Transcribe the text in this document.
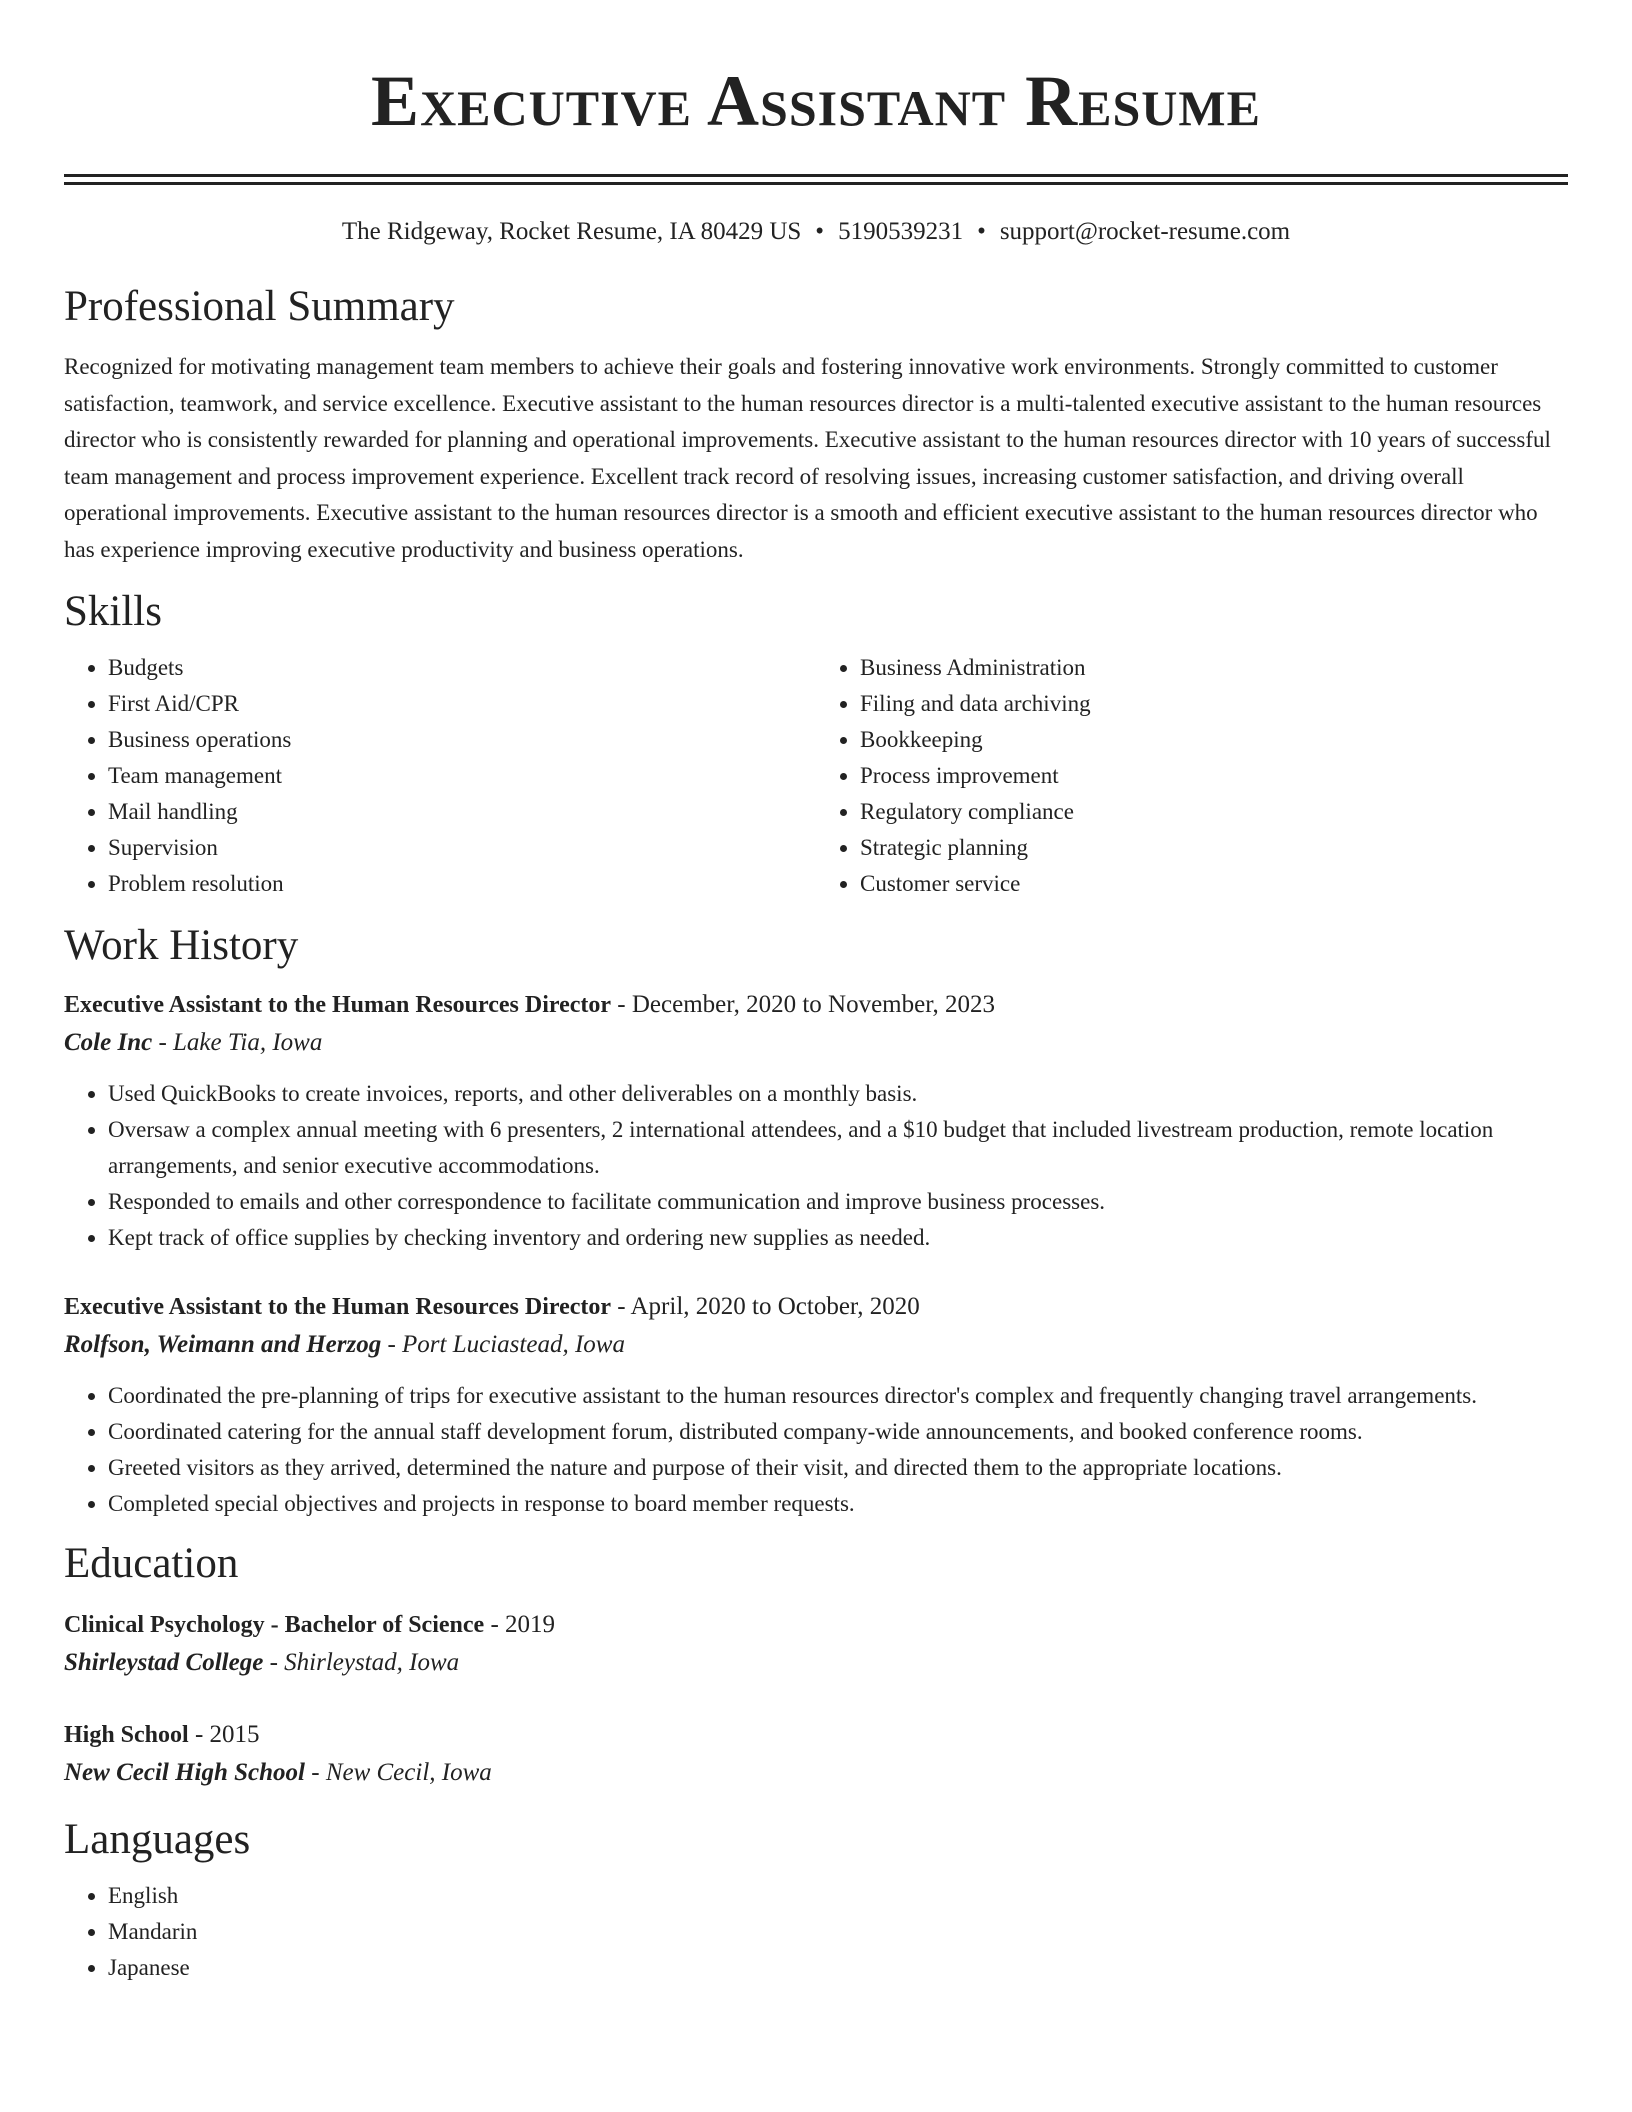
Executive Assistant Resume
The Ridgeway, Rocket Resume, IA 80429 US • 5190539231 • support@rocket-resume.com
Professional Summary

Recognized for motivating management team members to achieve their goals and fostering innovative work environments. Strongly committed to customer satisfaction, teamwork, and service excellence. Executive assistant to the human resources director is a multi-talented executive assistant to the human resources director who is consistently rewarded for planning and operational improvements. Executive assistant to the human resources director with 10 years of successful team management and process improvement experience. Excellent track record of resolving issues, increasing customer satisfaction, and driving overall operational improvements. Executive assistant to the human resources director is a smooth and efficient executive assistant to the human resources director who has experience improving executive productivity and business operations.

Skills
• Budgets
• First Aid/CPR
• Business operations
• Team management
• Mail handling
• Supervision
• Problem resolution
• Business Administration
• Filing and data archiving
• Bookkeeping
• Process improvement
• Regulatory compliance
• Strategic planning
• Customer service
Work History
Executive Assistant to the Human Resources Director - December, 2020 to November, 2023
Cole Inc - Lake Tia, Iowa
• Used QuickBooks to create invoices, reports, and other deliverables on a monthly basis.
• Oversaw a complex annual meeting with 6 presenters, 2 international attendees, and a $10 budget that included livestream production, remote location arrangements, and senior executive accommodations.
• Responded to emails and other correspondence to facilitate communication and improve business processes.
• Kept track of office supplies by checking inventory and ordering new supplies as needed.
Executive Assistant to the Human Resources Director - April, 2020 to October, 2020
Rolfson, Weimann and Herzog - Port Luciastead, Iowa
• Coordinated the pre-planning of trips for executive assistant to the human resources director's complex and frequently changing travel arrangements.
• Coordinated catering for the annual staff development forum, distributed company-wide announcements, and booked conference rooms.
• Greeted visitors as they arrived, determined the nature and purpose of their visit, and directed them to the appropriate locations.
• Completed special objectives and projects in response to board member requests.
Education
Clinical Psychology - Bachelor of Science - 2019
Shirleystad College - Shirleystad, Iowa
High School - 2015
New Cecil High School - New Cecil, Iowa
Languages
• English
• Mandarin
• Japanese
